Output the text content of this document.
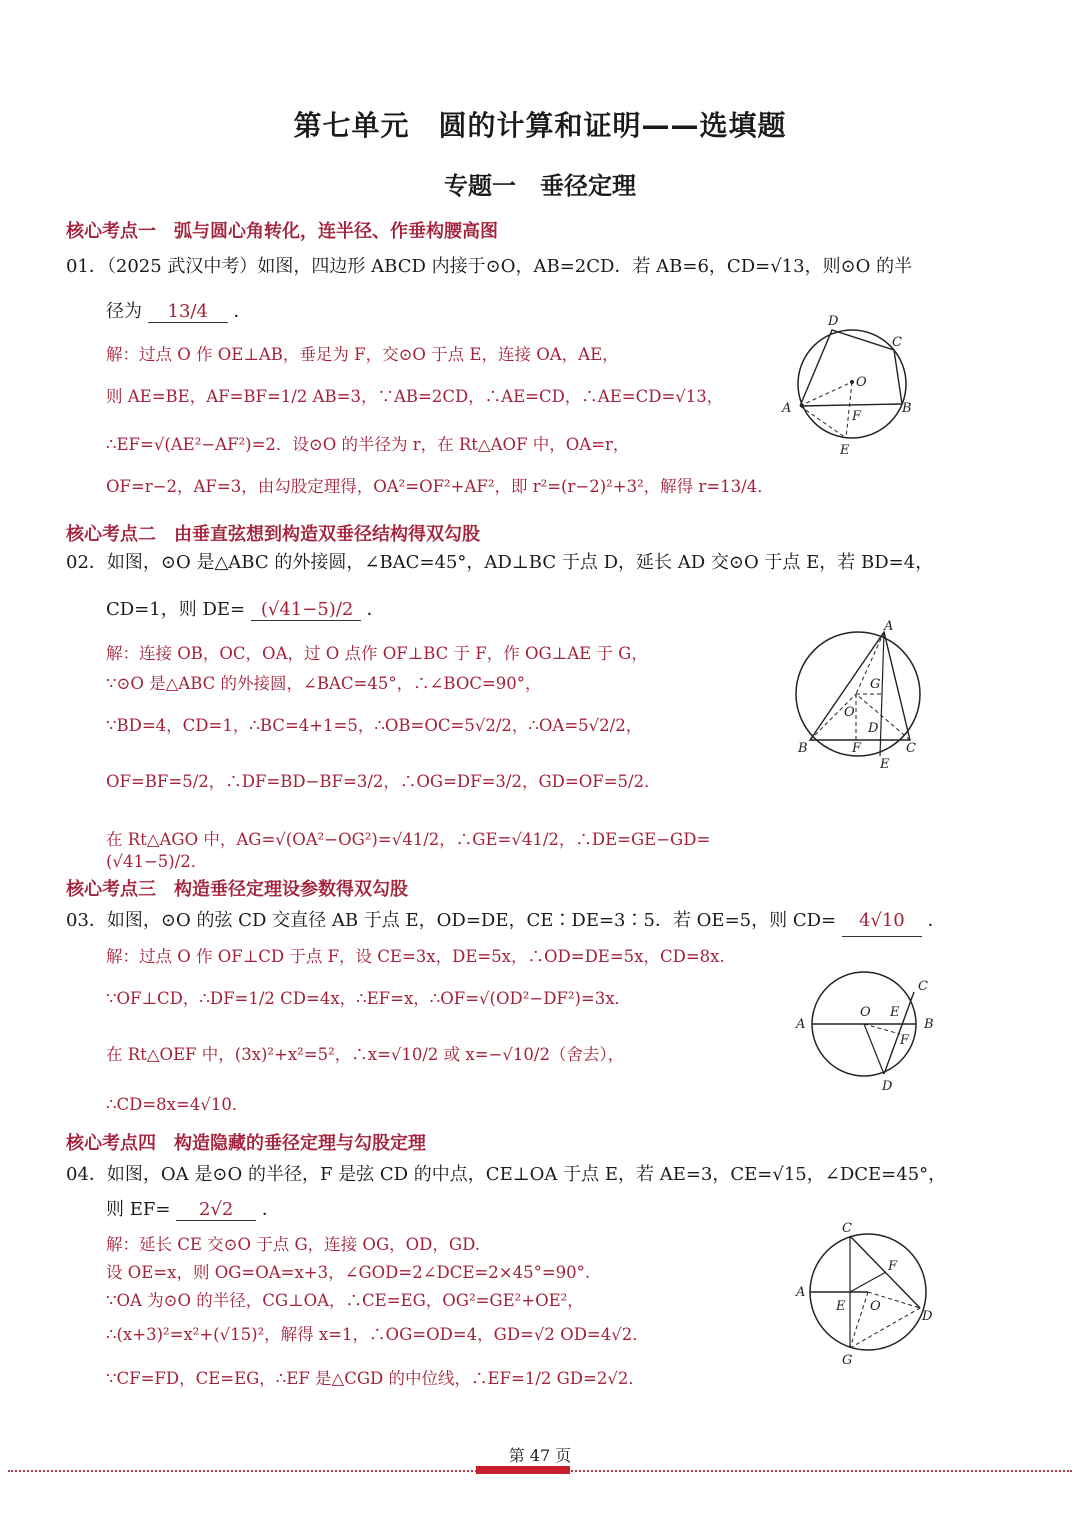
第七单元　圆的计算和证明——选填题
专题一　垂径定理
核心考点一　弧与圆心角转化，连半径、作垂构腰高图
01．（2025 武汉中考）如图，四边形 ABCD 内接于⊙O，AB=2CD．若 AB=6，CD=√13，则⊙O 的半
径为 13/4 ．
解：过点 O 作 OE⊥AB，垂足为 F，交⊙O 于点 E，连接 OA，AE，
则 AE=BE，AF=BF=1/2 AB=3，∵AB=2CD，∴AE=CD，∴AE=CD=√13，
∴EF=√(AE²−AF²)=2．设⊙O 的半径为 r，在 Rt△AOF 中，OA=r，
OF=r−2，AF=3，由勾股定理得，OA²=OF²+AF²，即 r²=(r−2)²+3²，解得 r=13/4．
D
C
O
A
F
B
E
核心考点二　由垂直弦想到构造双垂径结构得双勾股
02．如图，⊙O 是△ABC 的外接圆，∠BAC=45°，AD⊥BC 于点 D，延长 AD 交⊙O 于点 E，若 BD=4，
CD=1，则 DE= (√41−5)/2 ．
解：连接 OB，OC，OA，过 O 点作 OF⊥BC 于 F，作 OG⊥AE 于 G，
∵⊙O 是△ABC 的外接圆，∠BAC=45°，∴∠BOC=90°，
∵BD=4，CD=1，∴BC=4+1=5，∴OB=OC=5√2/2，∴OA=5√2/2，
OF=BF=5/2，∴DF=BD−BF=3/2，∴OG=DF=3/2，GD=OF=5/2．
在 Rt△AGO 中，AG=√(OA²−OG²)=√41/2，∴GE=√41/2，∴DE=GE−GD=(√41−5)/2．
A
G
O
D
B	F	C
E
核心考点三　构造垂径定理设参数得双勾股
03．如图，⊙O 的弦 CD 交直径 AB 于点 E，OD=DE，CE∶DE=3∶5．若 OE=5，则 CD= 4√10 ．
解：过点 O 作 OF⊥CD 于点 F，设 CE=3x，DE=5x，∴OD=DE=5x，CD=8x.
∵OF⊥CD，∴DF=1/2 CD=4x，∴EF=x，∴OF=√(OD²−DF²)=3x．
在 Rt△OEF 中，(3x)²+x²=5²，∴x=√10/2 或 x=−√10/2（舍去），
∴CD=8x=4√10．
C
A
O E
B
F
D
核心考点四　构造隐藏的垂径定理与勾股定理
04．如图，OA 是⊙O 的半径，F 是弦 CD 的中点，CE⊥OA 于点 E，若 AE=3，CE=√15，∠DCE=45°，
则 EF= 2√2 ．
解：延长 CE 交⊙O 于点 G，连接 OG，OD，GD.
设 OE=x，则 OG=OA=x+3，∠GOD=2∠DCE=2×45°=90°.
∵OA 为⊙O 的半径，CG⊥OA，∴CE=EG，OG²=GE²+OE²，
∴(x+3)²=x²+(√15)²，解得 x=1，∴OG=OD=4，GD=√2 OD=4√2．
∵CF=FD，CE=EG，∴EF 是△CGD 的中位线，∴EF=1/2 GD=2√2．
C
F
A
E O
D
G
第 47 页
